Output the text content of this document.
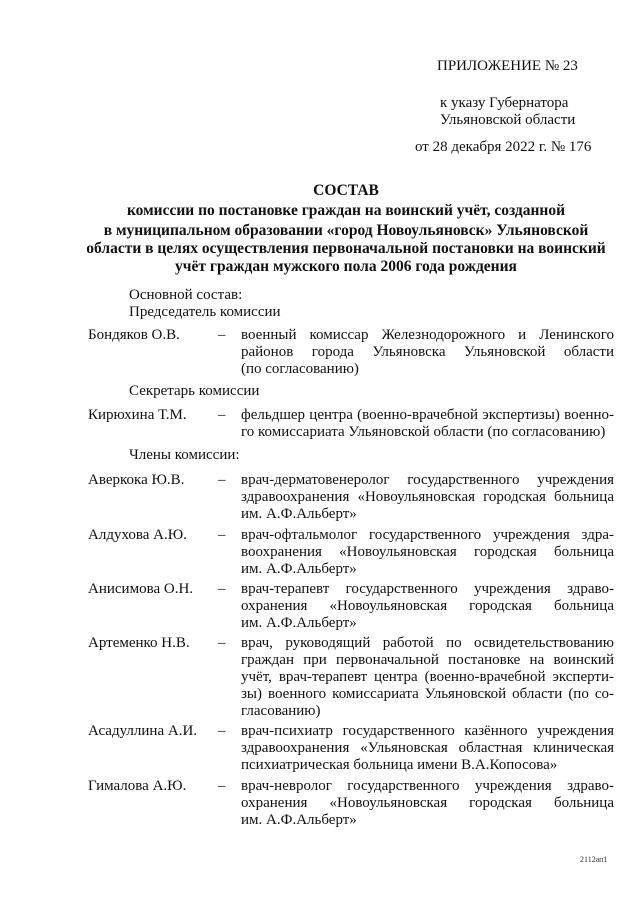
ПРИЛОЖЕНИЕ № 23
к указу Губернатора
Ульяновской области
от 28 декабря 2022 г. № 176
СОСТАВ
комиссии по постановке граждан на воинский учёт, созданной
в муниципальном образовании «город Новоульяновск» Ульяновской
области в целях осуществления первоначальной постановки на воинский
учёт граждан мужского пола 2006 года рождения
Основной состав:
Председатель комиссии
Бондяков О.В.	– военный комиссар Железнодорожного и Ленинского
районов города Ульяновска Ульяновской области
(по согласованию)
Секретарь комиссии
Кирюхина Т.М. – фельдшер центра (военно-врачебной экспертизы) военно-
го комиссариата Ульяновской области (по согласованию)
Члены комиссии:
Аверкока Ю.В. – врач-дерматовенеролог государственного учреждения
здравоохранения «Новоульяновская городская больница
им. А.Ф.Альберт»
Алдухова А.Ю. – врач-офтальмолог государственного учреждения здра-
воохранения «Новоульяновская городская больница
им. А.Ф.Альберт»
Анисимова О.Н. – врач-терапевт государственного учреждения здраво-
охранения «Новоульяновская городская больница
им. А.Ф.Альберт»
Артеменко Н.В. – врач, руководящий работой по освидетельствованию
граждан при первоначальной постановке на воинский
учёт, врач-терапевт центра (военно-врачебной эксперти-
зы) военного комиссариата Ульяновской области (по со-
гласованию)
Асадуллина А.И. – врач-психиатр государственного казённого учреждения
здравоохранения «Ульяновская областная клиническая
психиатрическая больница имени В.А.Копосова»
Гималова А.Ю. – врач-невролог государственного учреждения здраво-
охранения «Новоульяновская городская больница
им. А.Ф.Альберт»
2112ап1
